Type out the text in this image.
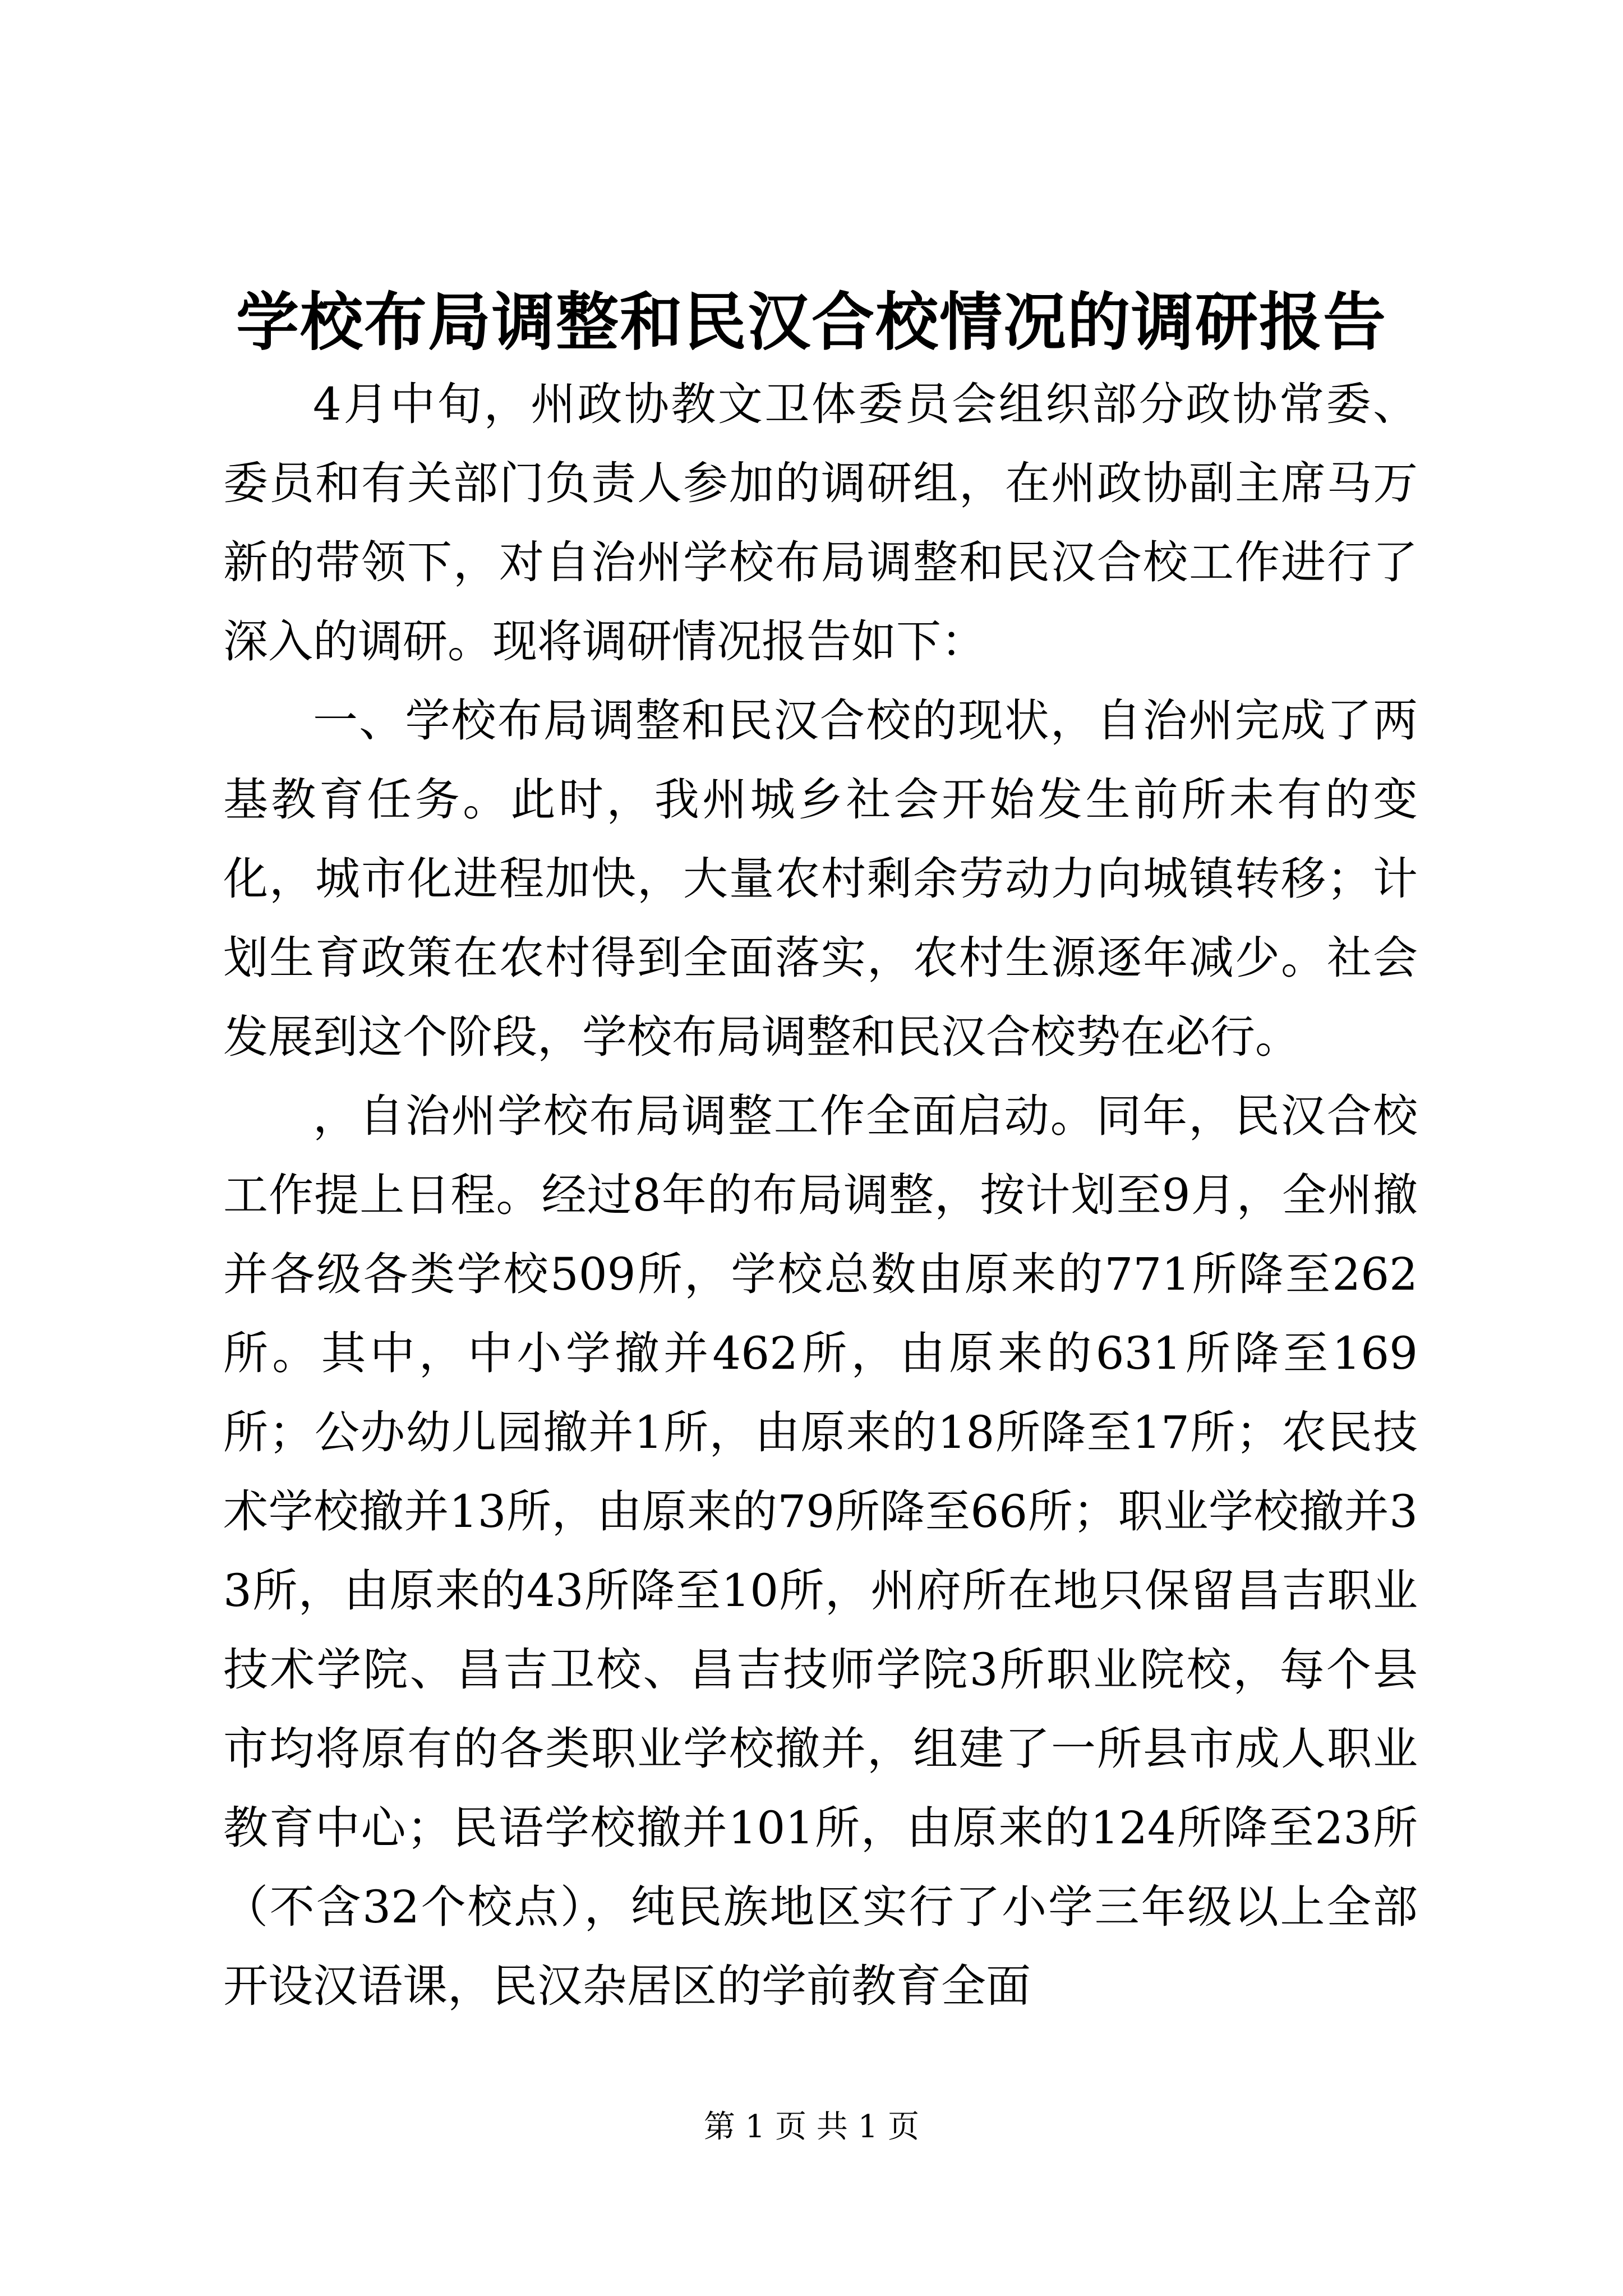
学校布局调整和民汉合校情况的调研报告

4月中旬，州政协教文卫体委员会组织部分政协常委、委员和有关部门负责人参加的调研组，在州政协副主席马万新的带领下，对自治州学校布局调整和民汉合校工作进行了深入的调研。现将调研情况报告如下：

一、学校布局调整和民汉合校的现状，自治州完成了两基教育任务。此时，我州城乡社会开始发生前所未有的变化，城市化进程加快，大量农村剩余劳动力向城镇转移；计划生育政策在农村得到全面落实，农村生源逐年减少。社会发展到这个阶段，学校布局调整和民汉合校势在必行。

，自治州学校布局调整工作全面启动。同年，民汉合校工作提上日程。经过8年的布局调整，按计划至9月，全州撤并各级各类学校509所，学校总数由原来的771所降至262所。其中，中小学撤并462所，由原来的631所降至169所；公办幼儿园撤并1所，由原来的18所降至17所；农民技术学校撤并13所，由原来的79所降至66所；职业学校撤并33所，由原来的43所降至10所，州府所在地只保留昌吉职业技术学院、昌吉卫校、昌吉技师学院3所职业院校，每个县市均将原有的各类职业学校撤并，组建了一所县市成人职业教育中心；民语学校撤并101所，由原来的124所降至23所（不含32个校点），纯民族地区实行了小学三年级以上全部开设汉语课，民汉杂居区的学前教育全面

第 1 页 共 1 页
